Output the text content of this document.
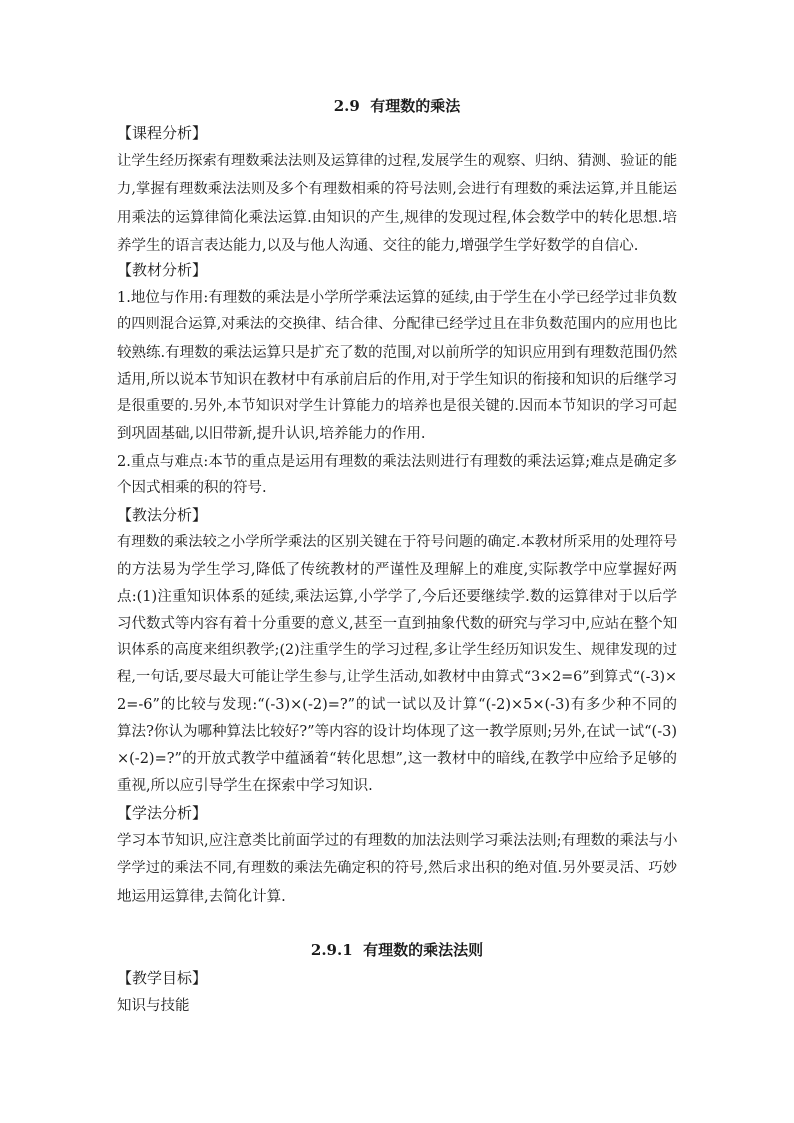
2.9  有理数的乘法
【课程分析】
让学生经历探索有理数乘法法则及运算律的过程,发展学生的观察、归纳、猜测、验证的能
力,掌握有理数乘法法则及多个有理数相乘的符号法则,会进行有理数的乘法运算,并且能运
用乘法的运算律简化乘法运算.由知识的产生,规律的发现过程,体会数学中的转化思想.培
养学生的语言表达能力,以及与他人沟通、交往的能力,增强学生学好数学的自信心.
【教材分析】
1.地位与作用:有理数的乘法是小学所学乘法运算的延续,由于学生在小学已经学过非负数
的四则混合运算,对乘法的交换律、结合律、分配律已经学过且在非负数范围内的应用也比
较熟练.有理数的乘法运算只是扩充了数的范围,对以前所学的知识应用到有理数范围仍然
适用,所以说本节知识在教材中有承前启后的作用,对于学生知识的衔接和知识的后继学习
是很重要的.另外,本节知识对学生计算能力的培养也是很关键的.因而本节知识的学习可起
到巩固基础,以旧带新,提升认识,培养能力的作用.
2.重点与难点:本节的重点是运用有理数的乘法法则进行有理数的乘法运算;难点是确定多
个因式相乘的积的符号.
【教法分析】
有理数的乘法较之小学所学乘法的区别关键在于符号问题的确定.本教材所采用的处理符号
的方法易为学生学习,降低了传统教材的严谨性及理解上的难度,实际教学中应掌握好两
点:(1)注重知识体系的延续,乘法运算,小学学了,今后还要继续学.数的运算律对于以后学
习代数式等内容有着十分重要的意义,甚至一直到抽象代数的研究与学习中,应站在整个知
识体系的高度来组织教学;(2)注重学生的学习过程,多让学生经历知识发生、规律发现的过
程,一句话,要尽最大可能让学生参与,让学生活动,如教材中由算式“3×2=6”到算式“(-3)×
2=-6”的比较与发现:“(-3)×(-2)=?”的试一试以及计算“(-2)×5×(-3)有多少种不同的
算法?你认为哪种算法比较好?”等内容的设计均体现了这一教学原则;另外,在试一试“(-3)
×(-2)=?”的开放式教学中蕴涵着“转化思想”,这一教材中的暗线,在教学中应给予足够的
重视,所以应引导学生在探索中学习知识.
【学法分析】
学习本节知识,应注意类比前面学过的有理数的加法法则学习乘法法则;有理数的乘法与小
学学过的乘法不同,有理数的乘法先确定积的符号,然后求出积的绝对值.另外要灵活、巧妙
地运用运算律,去简化计算.
2.9.1  有理数的乘法法则
【教学目标】
知识与技能
